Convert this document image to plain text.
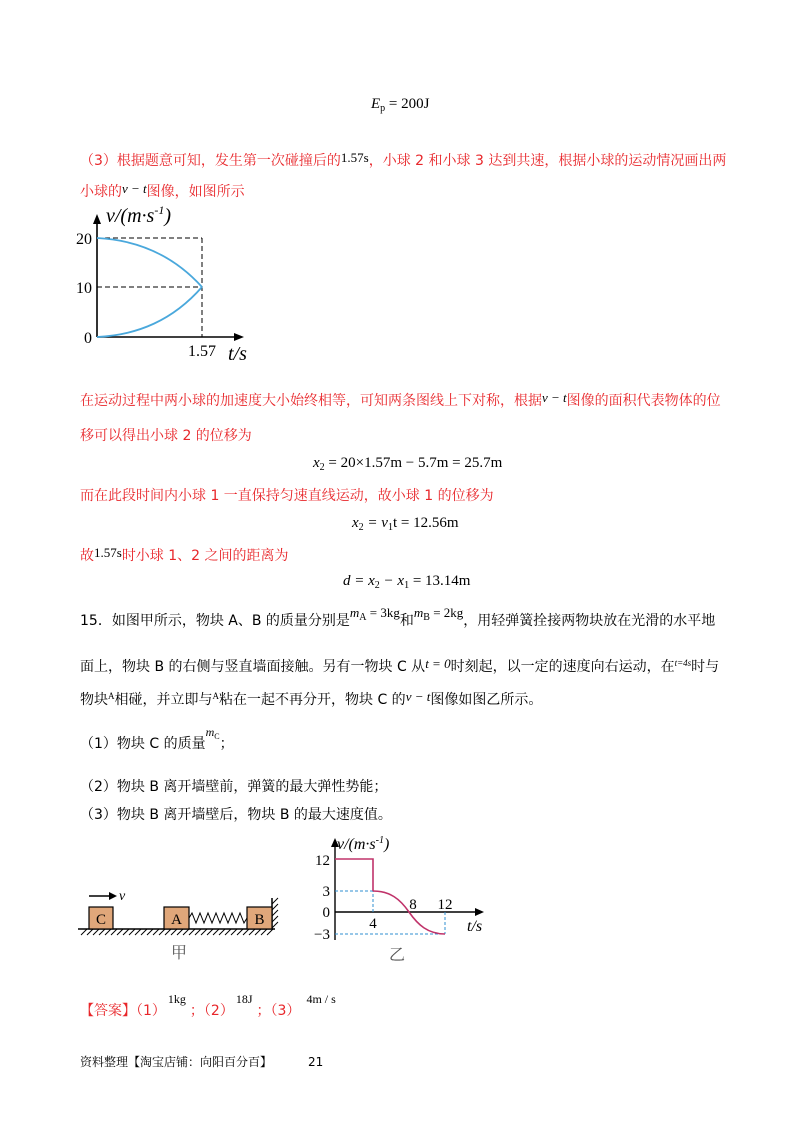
$E_p = 200J$
（3）根据题意可知，发生第一次碰撞后的1.57s，小球 2 和小球 3 达到共速，根据小球的运动情况画出两
小球的v − t图像，如图所示
$v/(m\cdot s^{-1})$
20
10
0
1.57 t/s
在运动过程中两小球的加速度大小始终相等，可知两条图线上下对称，根据v − t图像的面积代表物体的位
移可以得出小球 2 的位移为
$x_2 = 20\times 1.57m - 5.7m = 25.7m$
而在此段时间内小球 1 一直保持匀速直线运动，故小球 1 的位移为
$x_2 = v_1t = 12.56m$
故1.57s时小球 1、2 之间的距离为
$d = x_2 - x_1 = 13.14m$
15．如图甲所示，物块 A、B 的质量分别是$m_A = 3kg$和$m_B = 2kg$，用轻弹簧拴接两物块放在光滑的水平地
面上，物块 B 的右侧与竖直墙面接触。另有一物块 C 从t = 0时刻起，以一定的速度向右运动，在$^{t=4s}$时与
物块$^A$相碰，并立即与$^A$粘在一起不再分开，物块 C 的v − t图像如图乙所示。
（1）物块 C 的质量$m_C$；
（2）物块 B 离开墙壁前，弹簧的最大弹性势能；
（3）物块 B 离开墙壁后，物块 B 的最大速度值。
v
C	A	B
甲
$v/(m\cdot s^{-1})$
12
3
0
−3
4
8 12
t/s
乙
【答案】（1）1kg；（2）18J；（3）4m / s
资料整理【淘宝店铺：向阳百分百】	21
